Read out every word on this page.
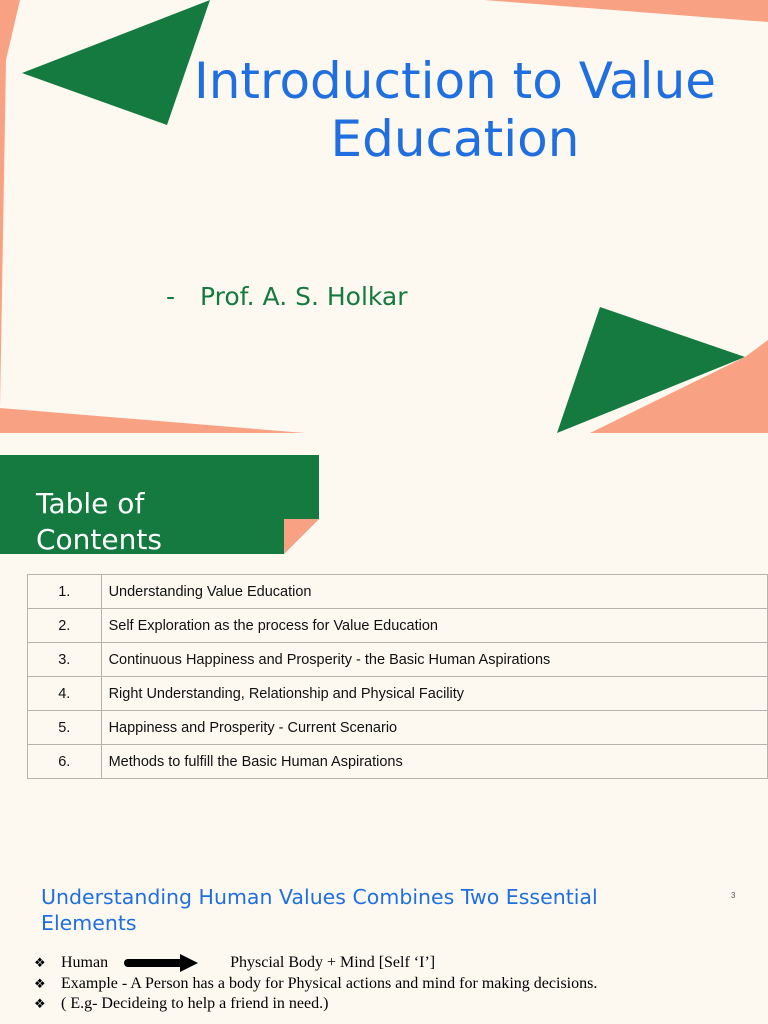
Introduction to Value Education
- Prof. A. S. Holkar
Table of
Contents
1.	Understanding Value Education
2.	Self Exploration as the process for Value Education
3.	Continuous Happiness and Prosperity - the Basic Human Aspirations
4.	Right Understanding, Relationship and Physical Facility
5.	Happiness and Prosperity - Current Scenario
6.	Methods to fulfill the Basic Human Aspirations
Understanding Human Values Combines Two Essential Elements
3
❖ Human	Physcial Body + Mind [Self ‘I’]
❖ Example - A Person has a body for Physical actions and mind for making decisions.
❖ ( E.g- Decideing to help a friend in need.)
